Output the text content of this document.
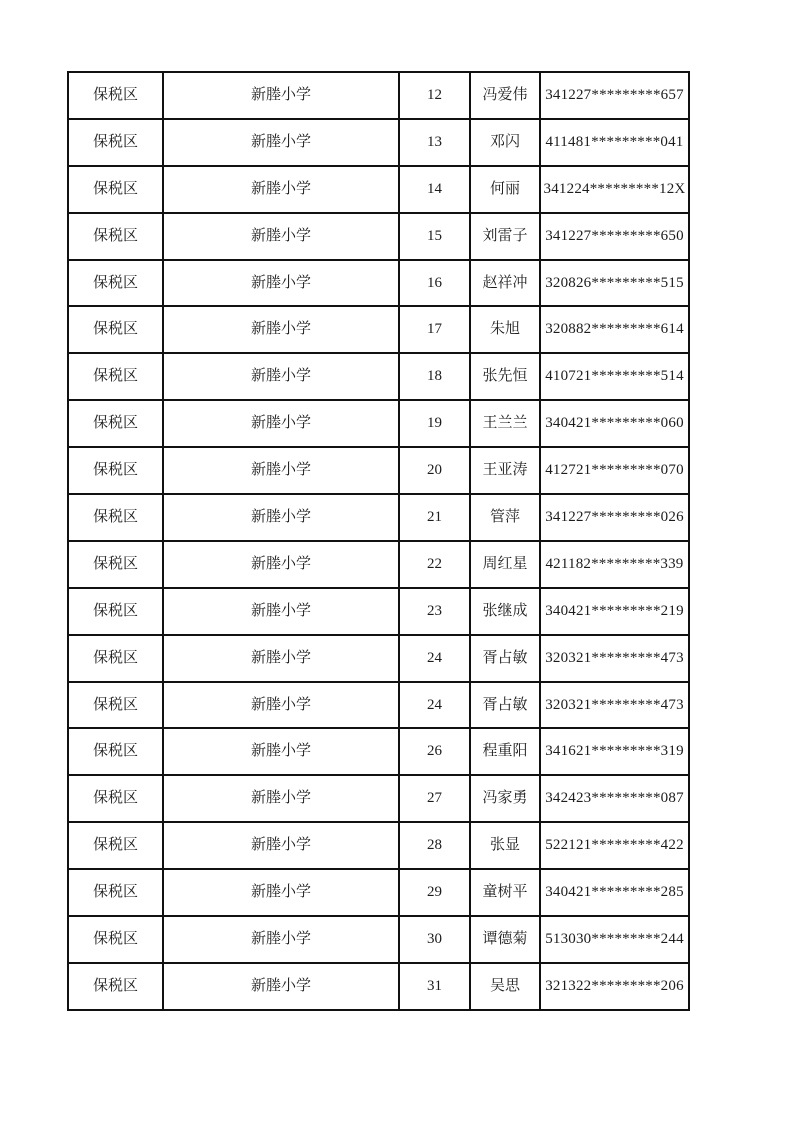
保税区	新塍小学	12	冯爱伟	341227*********657
保税区	新塍小学	13	邓闪	411481*********041
保税区	新塍小学	14	何丽	341224*********12X
保税区	新塍小学	15	刘雷子	341227*********650
保税区	新塍小学	16	赵祥冲	320826*********515
保税区	新塍小学	17	朱旭	320882*********614
保税区	新塍小学	18	张先恒	410721*********514
保税区	新塍小学	19	王兰兰	340421*********060
保税区	新塍小学	20	王亚涛	412721*********070
保税区	新塍小学	21	管萍	341227*********026
保税区	新塍小学	22	周红星	421182*********339
保税区	新塍小学	23	张继成	340421*********219
保税区	新塍小学	24	胥占敏	320321*********473
保税区	新塍小学	24	胥占敏	320321*********473
保税区	新塍小学	26	程重阳	341621*********319
保税区	新塍小学	27	冯家勇	342423*********087
保税区	新塍小学	28	张显	522121*********422
保税区	新塍小学	29	童树平	340421*********285
保税区	新塍小学	30	谭德菊	513030*********244
保税区	新塍小学	31	吴思	321322*********206
